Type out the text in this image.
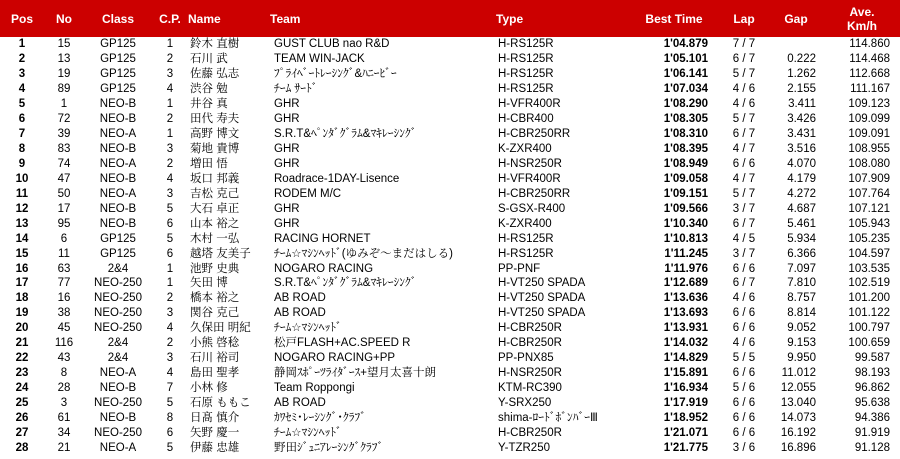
Pos	No	Class	C.P.	Name	Team	Type	Best Time	Lap	Gap	Ave.
Km/h

1	15	GP125	1	鈴木 直樹	GUST CLUB nao R&D	H-RS125R	1'04.879	7 / 7		114.860
2	13	GP125	2	石川 武	TEAM WIN-JACK	H-RS125R	1'05.101	6 / 7	0.222	114.468
3	19	GP125	3	佐藤 弘志	ﾌﾟﾗｲﾍﾞｰﾄﾚｰｼﾝｸﾞ&ﾊﾆｰﾋﾞｰ	H-RS125R	1'06.141	5 / 7	1.262	112.668
4	89	GP125	4	渋谷 勉	ﾁｰﾑ ｻｰﾄﾞ	H-RS125R	1'07.034	4 / 6	2.155	111.167
5	1	NEO-B	1	井谷 真	GHR	H-VFR400R	1'08.290	4 / 6	3.411	109.123
6	72	NEO-B	2	田代 寿夫	GHR	H-CBR400	1'08.305	5 / 7	3.426	109.099
7	39	NEO-A	1	高野 博文	S.R.T&ﾍﾟﾝﾀﾞｸﾞﾗﾑ&ﾏｷﾚｰｼﾝｸﾞ	H-CBR250RR	1'08.310	6 / 7	3.431	109.091
8	83	NEO-B	3	菊地 貴博	GHR	K-ZXR400	1'08.395	4 / 7	3.516	108.955
9	74	NEO-A	2	増田 悟	GHR	H-NSR250R	1'08.949	6 / 6	4.070	108.080
10	47	NEO-B	4	坂口 邦義	Roadrace-1DAY-Lisence	H-VFR400R	1'09.058	4 / 7	4.179	107.909
11	50	NEO-A	3	吉松 克己	RODEM M/C	H-CBR250RR	1'09.151	5 / 7	4.272	107.764
12	17	NEO-B	5	大石 卓正	GHR	S-GSX-R400	1'09.566	3 / 7	4.687	107.121
13	95	NEO-B	6	山本 裕之	GHR	K-ZXR400	1'10.340	6 / 7	5.461	105.943
14	6	GP125	5	木村 一弘	RACING HORNET	H-RS125R	1'10.813	4 / 5	5.934	105.235
15	11	GP125	6	越塔 友美子	ﾁｰﾑ☆ﾏｼﾝﾍｯﾄﾞ(ゆみぞ～まだはしる)	H-RS125R	1'11.245	3 / 7	6.366	104.597
16	63	2&4	1	池野 史典	NOGARO RACING	PP-PNF	1'11.976	6 / 6	7.097	103.535
17	77	NEO-250	1	矢田 博	S.R.T&ﾍﾟﾝﾀﾞｸﾞﾗﾑ&ﾏｷﾚｰｼﾝｸﾞ	H-VT250 SPADA	1'12.689	6 / 7	7.810	102.519
18	16	NEO-250	2	橋本 裕之	AB ROAD	H-VT250 SPADA	1'13.636	4 / 6	8.757	101.200
19	38	NEO-250	3	関谷 克己	AB ROAD	H-VT250 SPADA	1'13.693	6 / 6	8.814	101.122
20	45	NEO-250	4	久保田 明紀	ﾁｰﾑ☆ﾏｼﾝﾍｯﾄﾞ	H-CBR250R	1'13.931	6 / 6	9.052	100.797
21	116	2&4	2	小熊 啓稔	松戸FLASH+AC.SPEED R	H-CBR250R	1'14.032	4 / 6	9.153	100.659
22	43	2&4	3	石川 裕司	NOGARO RACING+PP	PP-PNX85	1'14.829	5 / 5	9.950	99.587
23	8	NEO-A	4	島田 聖孝	静岡ｽﾎﾟｰﾂﾗｲﾀﾞｰｽ+望月太喜十朗	H-NSR250R	1'15.891	6 / 6	11.012	98.193
24	28	NEO-B	7	小林 修	Team Roppongi	KTM-RC390	1'16.934	5 / 6	12.055	96.862
25	3	NEO-250	5	石原 ももこ	AB ROAD	Y-SRX250	1'17.919	6 / 6	13.040	95.638
26	61	NEO-B	8	日髙 慎介	ｶﾜｾﾐ･ﾚｰｼﾝｸﾞ･ｸﾗﾌﾞ	shima-ﾛｰﾄﾞﾎﾞﾝﾊﾞｰⅢ	1'18.952	6 / 6	14.073	94.386
27	34	NEO-250	6	矢野 慶一	ﾁｰﾑ☆ﾏｼﾝﾍｯﾄﾞ	H-CBR250R	1'21.071	6 / 6	16.192	91.919
28	21	NEO-A	5	伊藤 忠雄	野田ｼﾞｭﾆｱﾚｰｼﾝｸﾞｸﾗﾌﾞ	Y-TZR250	1'21.775	3 / 6	16.896	91.128
